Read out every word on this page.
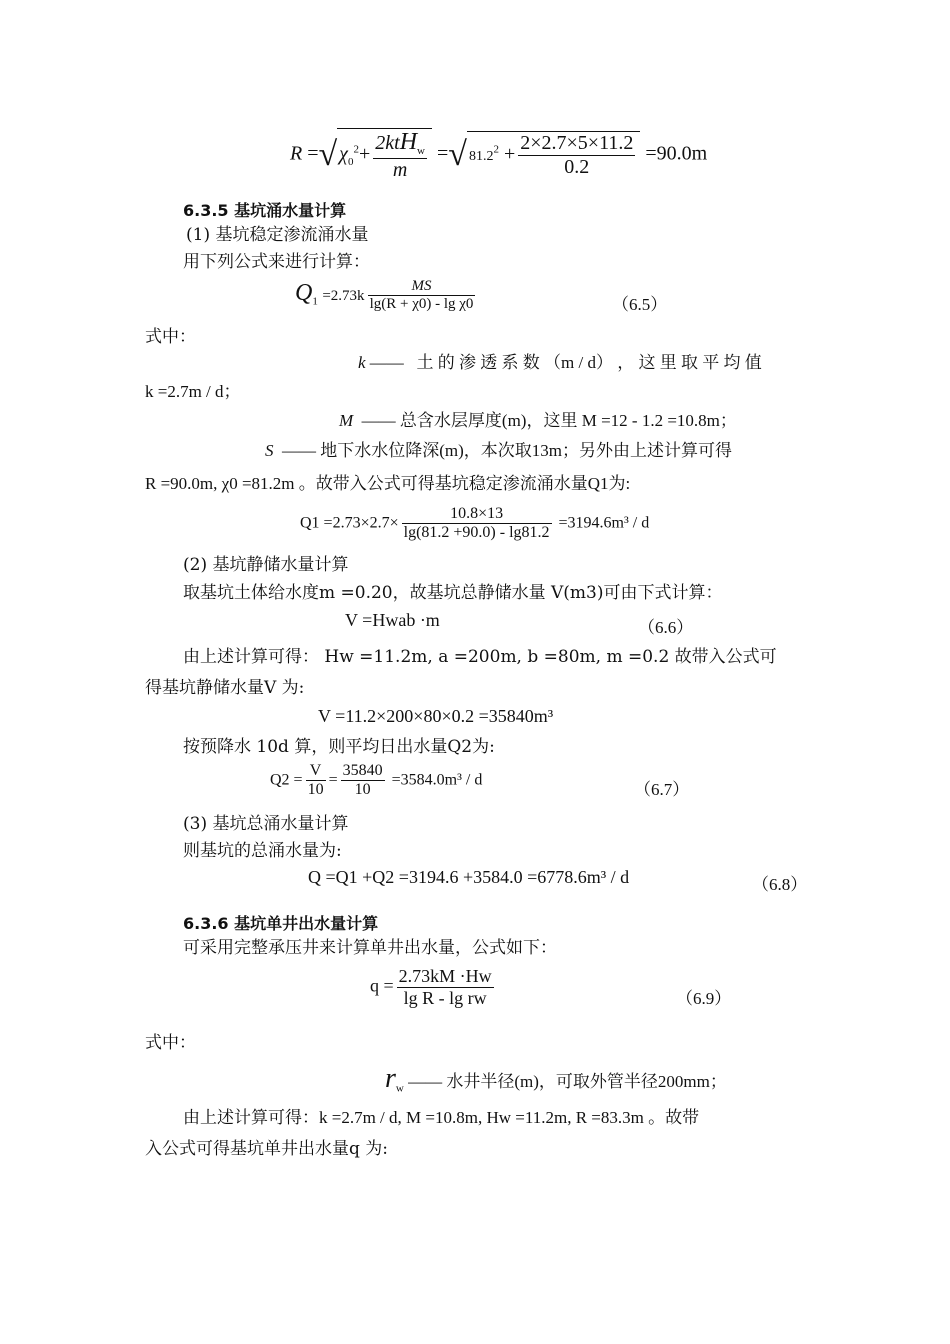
R =√ $\chi_0^2+ \frac{2ktH_w}{m}$ =√ $81.2^2 + \frac{2\times 2.7\times 5\times 11.2}{0.2} =90.0m$
6.3.5 基坑涌水量计算
(1) 基坑稳定渗流涌水量
用下列公式来进行计算：
$Q_1 =2.73k \frac{MS}{\text{lg(R + χ0) - lg χ0}}$	（6.5）
式中：
k —— 土 的 渗 透 系 数 （m / d） ， 这 里 取 平 均 值
k =2.7m / d；
M —— 总含水层厚度(m)，这里 M =12 - 1.2 =10.8m；
S —— 地下水水位降深(m)，本次取13m；另外由上述计算可得
R =90.0m, χ0 =81.2m 。故带入公式可得基坑稳定渗流涌水量Q1为:
$Q1 =2.73\times 2.7\times \frac{10.8\times 13}{\lg(81.2 +90.0) - \lg 81.2} =3194.6m^3 / d$
(2) 基坑静储水量计算
取基坑土体给水度m =0.20，故基坑总静储水量 V(m3)可由下式计算：
V =Hwab ·m	（6.6）
由上述计算可得： Hw =11.2m, a =200m, b =80m, m =0.2 故带入公式可
得基坑静储水量V 为:
V =11.2×200×80×0.2 =35840m³
按预降水 10d 算，则平均日出水量Q2为:
$Q2 = \frac{V}{10} = \frac{35840}{10} =3584.0m^3 / d$	（6.7）
(3) 基坑总涌水量计算
则基坑的总涌水量为:
Q =Q1 +Q2 =3194.6 +3584.0 =6778.6m³ / d	（6.8）
6.3.6 基坑单井出水量计算
可采用完整承压井来计算单井出水量，公式如下：
$q = \frac{2.73kM \cdot Hw}{\text{lg R - lg rw}}$	（6.9）
式中：
$r_w$ —— 水井半径(m)，可取外管半径200mm；
由上述计算可得：k =2.7m / d, M =10.8m, Hw =11.2m, R =83.3m 。故带
入公式可得基坑单井出水量q 为:
